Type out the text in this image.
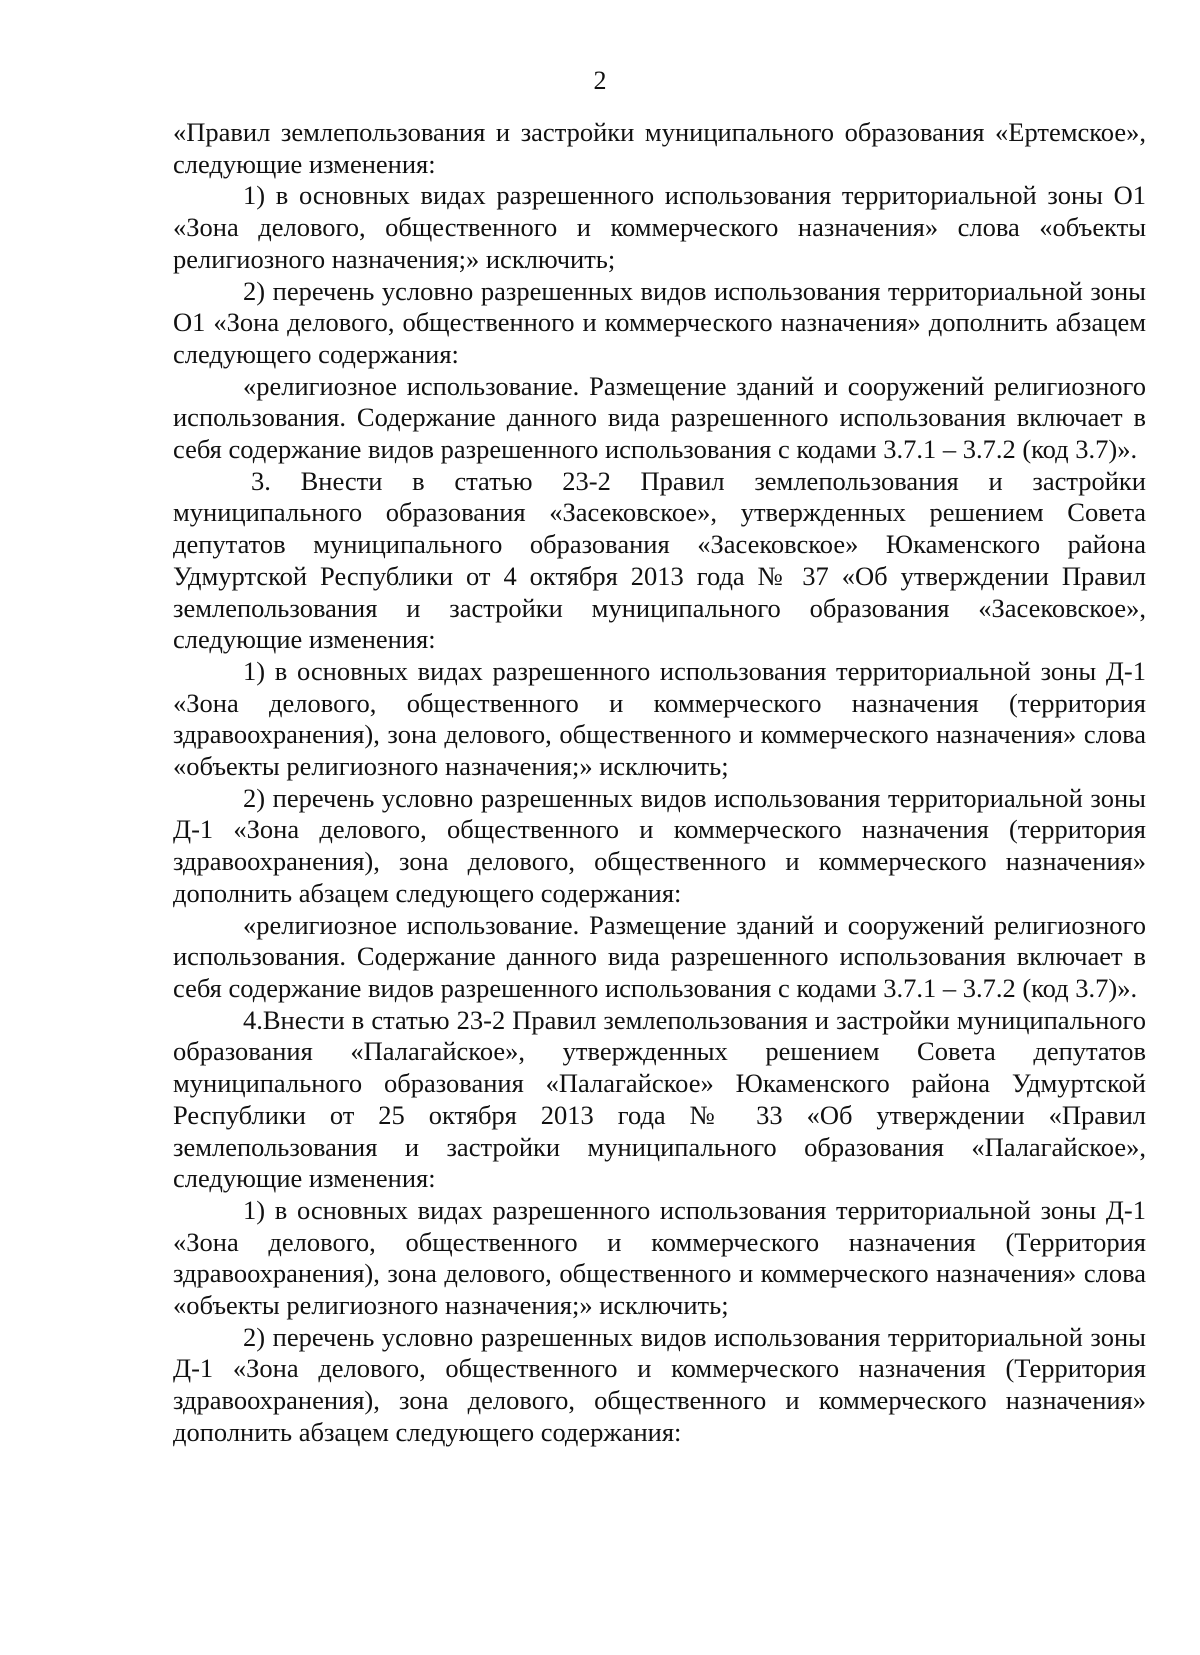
2

«Правил землепользования и застройки муниципального образования «Ертемское», следующие изменения:

1) в основных видах разрешенного использования территориальной зоны О1 «Зона делового, общественного и коммерческого назначения» слова «объекты религиозного назначения;» исключить;

2) перечень условно разрешенных видов использования территориальной зоны О1 «Зона делового, общественного и коммерческого назначения» дополнить абзацем следующего содержания:

«религиозное использование. Размещение зданий и сооружений религиозного использования. Содержание данного вида разрешенного использования включает в себя содержание видов разрешенного использования с кодами 3.7.1 – 3.7.2 (код 3.7)».

3. Внести в статью 23-2 Правил землепользования и застройки муниципального образования «Засековское», утвержденных решением Совета депутатов муниципального образования «Засековское» Юкаменского района Удмуртской Республики от 4 октября 2013 года № 37 «Об утверждении Правил землепользования и застройки муниципального образования «Засековское», следующие изменения:

1) в основных видах разрешенного использования территориальной зоны Д-1 «Зона делового, общественного и коммерческого назначения (территория здравоохранения), зона делового, общественного и коммерческого назначения» слова «объекты религиозного назначения;» исключить;

2) перечень условно разрешенных видов использования территориальной зоны Д-1 «Зона делового, общественного и коммерческого назначения (территория здравоохранения), зона делового, общественного и коммерческого назначения» дополнить абзацем следующего содержания:

«религиозное использование. Размещение зданий и сооружений религиозного использования. Содержание данного вида разрешенного использования включает в себя содержание видов разрешенного использования с кодами 3.7.1 – 3.7.2 (код 3.7)».

4.Внести в статью 23-2 Правил землепользования и застройки муниципального образования «Палагайское», утвержденных решением Совета депутатов муниципального образования «Палагайское» Юкаменского района Удмуртской Республики от 25 октября 2013 года № 33 «Об утверждении «Правил землепользования и застройки муниципального образования «Палагайское», следующие изменения:

1) в основных видах разрешенного использования территориальной зоны Д-1 «Зона делового, общественного и коммерческого назначения (Территория здравоохранения), зона делового, общественного и коммерческого назначения» слова «объекты религиозного назначения;» исключить;

2) перечень условно разрешенных видов использования территориальной зоны Д-1 «Зона делового, общественного и коммерческого назначения (Территория здравоохранения), зона делового, общественного и коммерческого назначения» дополнить абзацем следующего содержания:
